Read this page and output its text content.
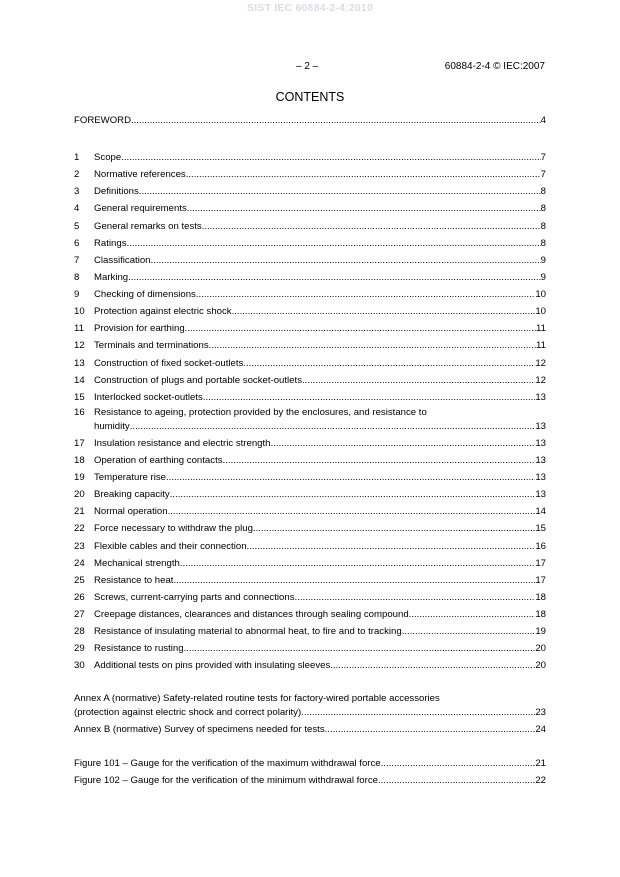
SIST IEC 60884-2-4:2010
– 2 –	60884-2-4 © IEC:2007
CONTENTS
FOREWORD .....	4
1	Scope .....	7
2	Normative references .....	7
3	Definitions .....	8
4	General requirements .....	8
5	General remarks on tests .....	8
6	Ratings .....	8
7	Classification .....	9
8	Marking .....	9
9	Checking of dimensions .....	10
10 Protection against electric shock .....	10
11	Provision for earthing .....	11
12 Terminals and terminations .....	11
13 Construction of fixed socket-outlets .....	12
14 Construction of plugs and portable socket-outlets .....	12
15 Interlocked socket-outlets .....	13
16 Resistance to ageing, protection provided by the enclosures, and resistance to
humidity .....	13
17 Insulation resistance and electric strength .....	13
18 Operation of earthing contacts .....	13
19 Temperature rise .....	13
20 Breaking capacity .....	13
21 Normal operation .....	14
22 Force necessary to withdraw the plug .....	15
23 Flexible cables and their connection .....	16
24 Mechanical strength .....	17
25 Resistance to heat .....	17
26 Screws, current-carrying parts and connections .....	18
27 Creepage distances, clearances and distances through sealing compound .....	18
28 Resistance of insulating material to abnormal heat, to fire and to tracking .....	19
29 Resistance to rusting .....	20
30 Additional tests on pins provided with insulating sleeves .....	20
Annex A (normative) Safety-related routine tests for factory-wired portable accessories
(protection against electric shock and correct polarity) .....	23
Annex B (normative) Survey of specimens needed for tests .....	24
Figure 101 – Gauge for the verification of the maximum withdrawal force .....	21
Figure 102 – Gauge for the verification of the minimum withdrawal force .....	22
